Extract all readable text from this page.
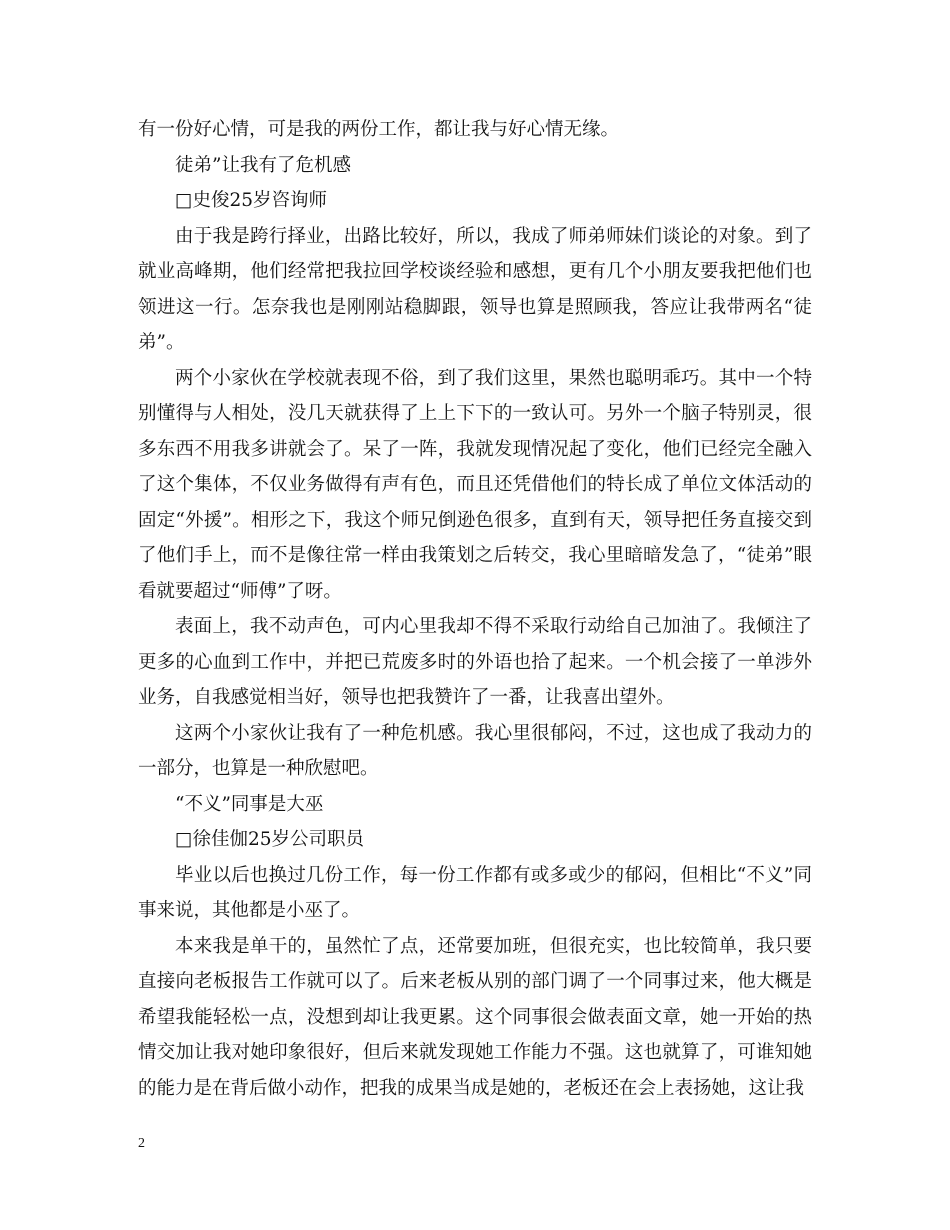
有一份好心情，可是我的两份工作，都让我与好心情无缘。

徒弟”让我有了危机感

□史俊25岁咨询师

由于我是跨行择业，出路比较好，所以，我成了师弟师妹们谈论的对象。到了就业高峰期，他们经常把我拉回学校谈经验和感想，更有几个小朋友要我把他们也领进这一行。怎奈我也是刚刚站稳脚跟，领导也算是照顾我，答应让我带两名“徒弟”。

两个小家伙在学校就表现不俗，到了我们这里，果然也聪明乖巧。其中一个特别懂得与人相处，没几天就获得了上上下下的一致认可。另外一个脑子特别灵，很多东西不用我多讲就会了。呆了一阵，我就发现情况起了变化，他们已经完全融入了这个集体，不仅业务做得有声有色，而且还凭借他们的特长成了单位文体活动的固定“外援”。相形之下，我这个师兄倒逊色很多，直到有天，领导把任务直接交到了他们手上，而不是像往常一样由我策划之后转交，我心里暗暗发急了，“徒弟”眼看就要超过“师傅”了呀。

表面上，我不动声色，可内心里我却不得不采取行动给自己加油了。我倾注了更多的心血到工作中，并把已荒废多时的外语也拾了起来。一个机会接了一单涉外业务，自我感觉相当好，领导也把我赞许了一番，让我喜出望外。

这两个小家伙让我有了一种危机感。我心里很郁闷，不过，这也成了我动力的一部分，也算是一种欣慰吧。

“不义”同事是大巫

□徐佳伽25岁公司职员

毕业以后也换过几份工作，每一份工作都有或多或少的郁闷，但相比“不义”同事来说，其他都是小巫了。

本来我是单干的，虽然忙了点，还常要加班，但很充实，也比较简单，我只要直接向老板报告工作就可以了。后来老板从别的部门调了一个同事过来，他大概是希望我能轻松一点，没想到却让我更累。这个同事很会做表面文章，她一开始的热情交加让我对她印象很好，但后来就发现她工作能力不强。这也就算了，可谁知她的能力是在背后做小动作，把我的成果当成是她的，老板还在会上表扬她，这让我

2
